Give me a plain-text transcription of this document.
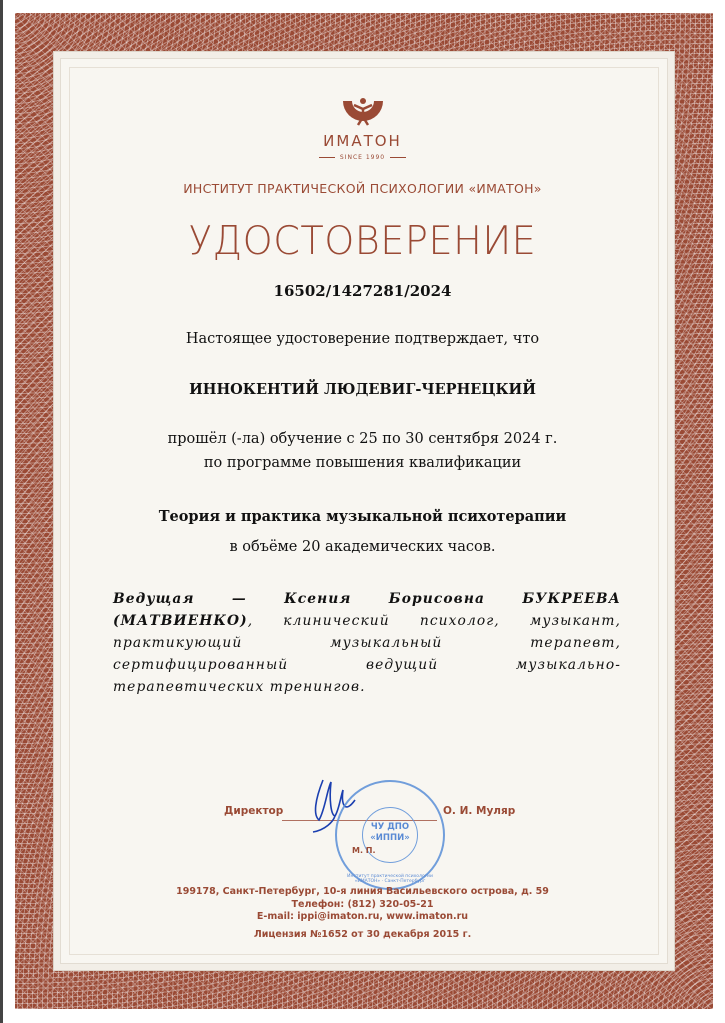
ИМАТОН
SINCE 1990
ИНСТИТУТ ПРАКТИЧЕСКОЙ ПСИХОЛОГИИ «ИМАТОН»
УДОСТОВЕРЕНИЕ
16502/1427281/2024
Настоящее удостоверение подтверждает, что
ИННОКЕНТИЙ ЛЮДЕВИГ-ЧЕРНЕЦКИЙ
прошёл (-ла) обучение с 25 по 30 сентября 2024 г.
по программе повышения квалификации
Теория и практика музыкальной психотерапии
в объёме 20 академических часов.
Ведущая — Ксения Борисовна БУКРЕЕВА (МАТВИЕНКО), клинический психолог, музыкант, практикующий музыкальный терапевт, сертифицированный ведущий музыкально-терапевтических тренингов.
Директор	О. И. Муляр
ЧУ ДПО
«ИППИ»
Институт практической психологии «ИМАТОН» · Санкт-Петербург
М. П.
199178, Санкт-Петербург, 10-я линия Васильевского острова, д. 59
Телефон: (812) 320-05-21
E-mail: ippi@imaton.ru, www.imaton.ru
Лицензия №1652 от 30 декабря 2015 г.
